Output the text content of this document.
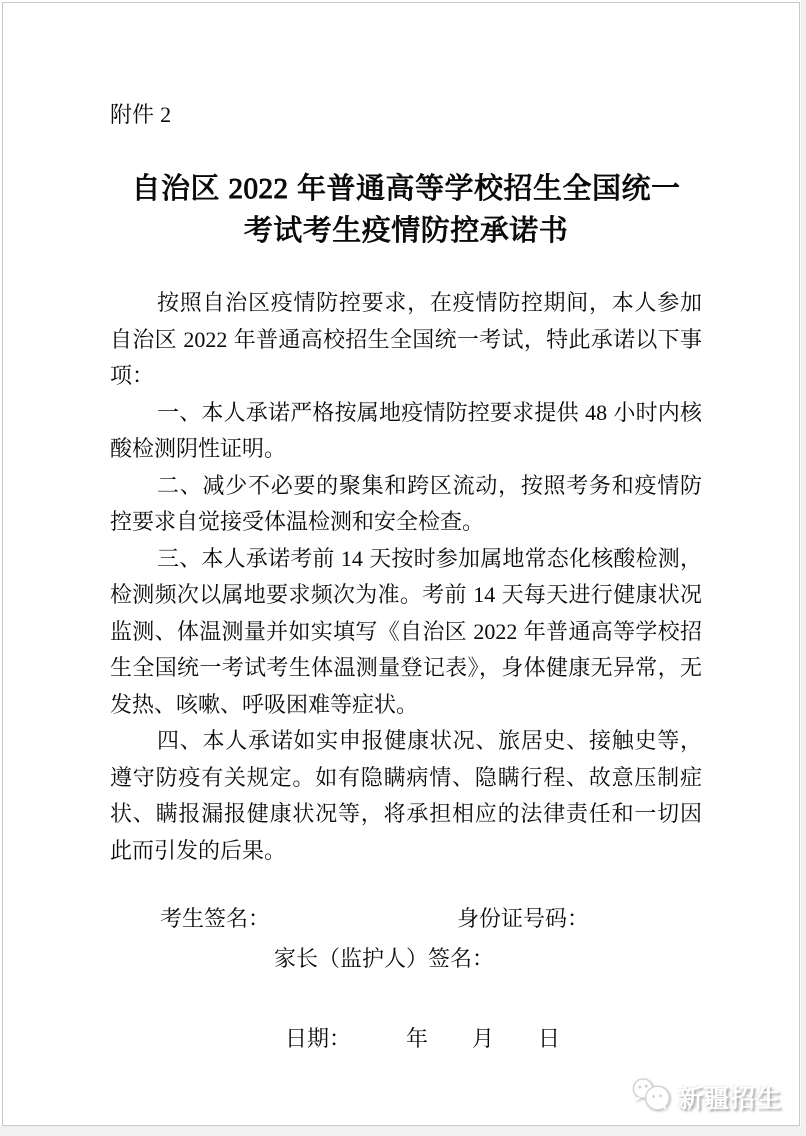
附件 2
自治区 2022 年普通高等学校招生全国统一
考试考生疫情防控承诺书

按照自治区疫情防控要求，在疫情防控期间，本人参加自治区 2022 年普通高校招生全国统一考试，特此承诺以下事项：

一、本人承诺严格按属地疫情防控要求提供 48 小时内核酸检测阴性证明。

二、减少不必要的聚集和跨区流动，按照考务和疫情防控要求自觉接受体温检测和安全检查。

三、本人承诺考前 14 天按时参加属地常态化核酸检测，检测频次以属地要求频次为准。考前 14 天每天进行健康状况监测、体温测量并如实填写《自治区 2022 年普通高等学校招生全国统一考试考生体温测量登记表》，身体健康无异常，无发热、咳嗽、呼吸困难等症状。

四、本人承诺如实申报健康状况、旅居史、接触史等，遵守防疫有关规定。如有隐瞒病情、隐瞒行程、故意压制症状、瞒报漏报健康状况等，将承担相应的法律责任和一切因此而引发的后果。

考生签名：	身份证号码：
家长（监护人）签名：

日期：　　　年　　月　　日

新疆招生
